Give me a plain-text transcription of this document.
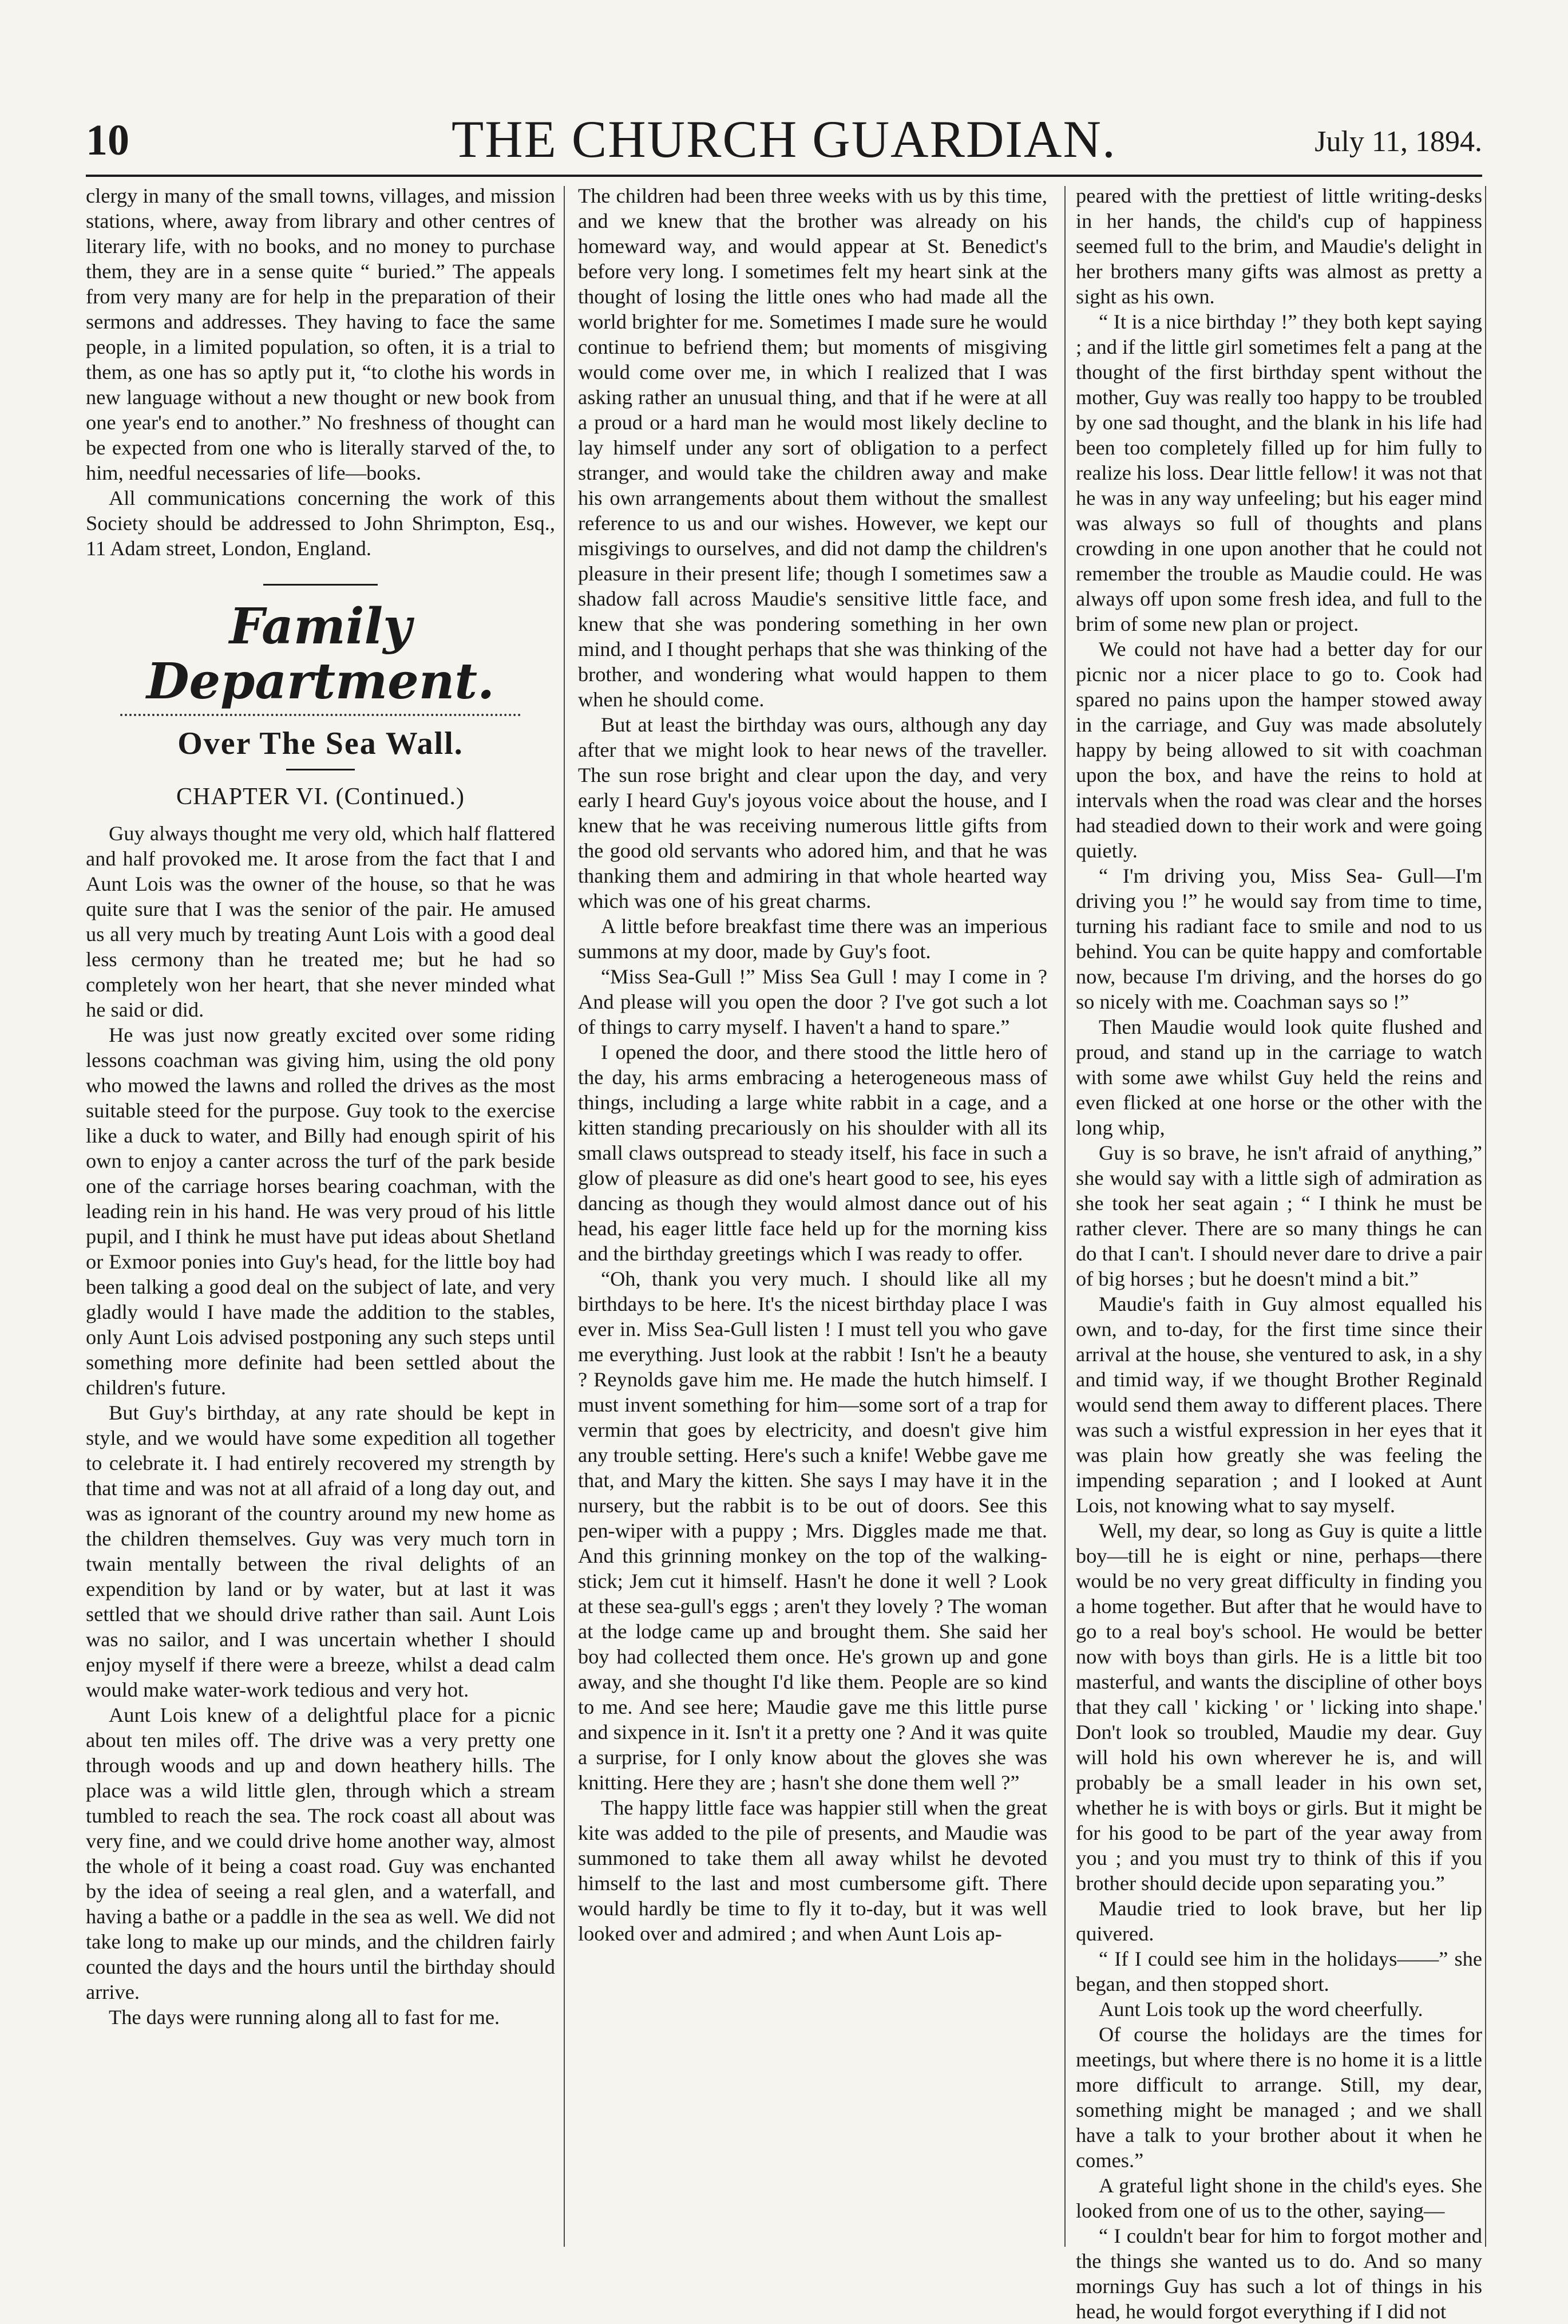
10	THE CHURCH GUARDIAN.	July 11, 1894.

clergy in many of the small towns, villages, and mission stations, where, away from library and other centres of literary life, with no books, and no money to purchase them, they are in a sense quite “ buried.” The appeals from very many are for help in the preparation of their sermons and addresses. They having to face the same people, in a limited population, so often, it is a trial to them, as one has so aptly put it, “to clothe his words in new language without a new thought or new book from one year's end to another.” No freshness of thought can be expected from one who is literally starved of the, to him, needful necessaries of life—books.

All communications concerning the work of this Society should be addressed to John Shrimpton, Esq., 11 Adam street, London, England.

Family Department.
Over The Sea Wall.
CHAPTER VI. (Continued.)

Guy always thought me very old, which half flattered and half provoked me. It arose from the fact that I and Aunt Lois was the owner of the house, so that he was quite sure that I was the senior of the pair. He amused us all very much by treating Aunt Lois with a good deal less cermony than he treated me; but he had so completely won her heart, that she never minded what he said or did.

He was just now greatly excited over some riding lessons coachman was giving him, using the old pony who mowed the lawns and rolled the drives as the most suitable steed for the purpose. Guy took to the exercise like a duck to water, and Billy had enough spirit of his own to enjoy a canter across the turf of the park beside one of the carriage horses bearing coachman, with the leading rein in his hand. He was very proud of his little pupil, and I think he must have put ideas about Shetland or Exmoor ponies into Guy's head, for the little boy had been talking a good deal on the subject of late, and very gladly would I have made the addition to the stables, only Aunt Lois advised postponing any such steps until something more definite had been settled about the children's future.

But Guy's birthday, at any rate should be kept in style, and we would have some expedition all together to celebrate it. I had entirely recovered my strength by that time and was not at all afraid of a long day out, and was as ignorant of the country around my new home as the children themselves. Guy was very much torn in twain mentally between the rival delights of an expendition by land or by water, but at last it was settled that we should drive rather than sail. Aunt Lois was no sailor, and I was uncertain whether I should enjoy myself if there were a breeze, whilst a dead calm would make water-work tedious and very hot.

Aunt Lois knew of a delightful place for a picnic about ten miles off. The drive was a very pretty one through woods and up and down heathery hills. The place was a wild little glen, through which a stream tumbled to reach the sea. The rock coast all about was very fine, and we could drive home another way, almost the whole of it being a coast road. Guy was enchanted by the idea of seeing a real glen, and a waterfall, and having a bathe or a paddle in the sea as well. We did not take long to make up our minds, and the children fairly counted the days and the hours until the birthday should arrive.

The days were running along all to fast for me.

The children had been three weeks with us by this time, and we knew that the brother was already on his homeward way, and would appear at St. Benedict's before very long. I sometimes felt my heart sink at the thought of losing the little ones who had made all the world brighter for me. Sometimes I made sure he would continue to befriend them; but moments of misgiving would come over me, in which I realized that I was asking rather an unusual thing, and that if he were at all a proud or a hard man he would most likely decline to lay himself under any sort of obligation to a perfect stranger, and would take the children away and make his own arrangements about them without the smallest reference to us and our wishes. However, we kept our misgivings to ourselves, and did not damp the children's pleasure in their present life; though I sometimes saw a shadow fall across Maudie's sensitive little face, and knew that she was pondering something in her own mind, and I thought perhaps that she was thinking of the brother, and wondering what would happen to them when he should come.

But at least the birthday was ours, although any day after that we might look to hear news of the traveller. The sun rose bright and clear upon the day, and very early I heard Guy's joyous voice about the house, and I knew that he was receiving numerous little gifts from the good old servants who adored him, and that he was thanking them and admiring in that whole hearted way which was one of his great charms.

A little before breakfast time there was an imperious summons at my door, made by Guy's foot.

“Miss Sea-Gull !” Miss Sea Gull ! may I come in ? And please will you open the door ? I've got such a lot of things to carry myself. I haven't a hand to spare.”

I opened the door, and there stood the little hero of the day, his arms embracing a heterogeneous mass of things, including a large white rabbit in a cage, and a kitten standing precariously on his shoulder with all its small claws outspread to steady itself, his face in such a glow of pleasure as did one's heart good to see, his eyes dancing as though they would almost dance out of his head, his eager little face held up for the morning kiss and the birthday greetings which I was ready to offer.

“Oh, thank you very much. I should like all my birthdays to be here. It's the nicest birthday place I was ever in. Miss Sea-Gull listen ! I must tell you who gave me everything. Just look at the rabbit ! Isn't he a beauty ? Reynolds gave him me. He made the hutch himself. I must invent something for him—some sort of a trap for vermin that goes by electricity, and doesn't give him any trouble setting. Here's such a knife! Webbe gave me that, and Mary the kitten. She says I may have it in the nursery, but the rabbit is to be out of doors. See this pen-wiper with a puppy ; Mrs. Diggles made me that. And this grinning monkey on the top of the walking-stick; Jem cut it himself. Hasn't he done it well ? Look at these sea-gull's eggs ; aren't they lovely ? The woman at the lodge came up and brought them. She said her boy had collected them once. He's grown up and gone away, and she thought I'd like them. People are so kind to me. And see here; Maudie gave me this little purse and sixpence in it. Isn't it a pretty one ? And it was quite a surprise, for I only know about the gloves she was knitting. Here they are ; hasn't she done them well ?”

The happy little face was happier still when the great kite was added to the pile of presents, and Maudie was summoned to take them all away whilst he devoted himself to the last and most cumbersome gift. There would hardly be time to fly it to-day, but it was well looked over and admired ; and when Aunt Lois ap-

peared with the prettiest of little writing-desks in her hands, the child's cup of happiness seemed full to the brim, and Maudie's delight in her brothers many gifts was almost as pretty a sight as his own.

“ It is a nice birthday !” they both kept saying ; and if the little girl sometimes felt a pang at the thought of the first birthday spent without the mother, Guy was really too happy to be troubled by one sad thought, and the blank in his life had been too completely filled up for him fully to realize his loss. Dear little fellow! it was not that he was in any way unfeeling; but his eager mind was always so full of thoughts and plans crowding in one upon another that he could not remember the trouble as Maudie could. He was always off upon some fresh idea, and full to the brim of some new plan or project.

We could not have had a better day for our picnic nor a nicer place to go to. Cook had spared no pains upon the hamper stowed away in the carriage, and Guy was made absolutely happy by being allowed to sit with coachman upon the box, and have the reins to hold at intervals when the road was clear and the horses had steadied down to their work and were going quietly.

“ I'm driving you, Miss Sea- Gull—I'm driving you !” he would say from time to time, turning his radiant face to smile and nod to us behind. You can be quite happy and comfortable now, because I'm driving, and the horses do go so nicely with me. Coachman says so !”

Then Maudie would look quite flushed and proud, and stand up in the carriage to watch with some awe whilst Guy held the reins and even flicked at one horse or the other with the long whip,

Guy is so brave, he isn't afraid of anything,” she would say with a little sigh of admiration as she took her seat again ; “ I think he must be rather clever. There are so many things he can do that I can't. I should never dare to drive a pair of big horses ; but he doesn't mind a bit.”

Maudie's faith in Guy almost equalled his own, and to-day, for the first time since their arrival at the house, she ventured to ask, in a shy and timid way, if we thought Brother Reginald would send them away to different places. There was such a wistful expression in her eyes that it was plain how greatly she was feeling the impending separation ; and I looked at Aunt Lois, not knowing what to say myself.

Well, my dear, so long as Guy is quite a little boy—till he is eight or nine, perhaps—there would be no very great difficulty in finding you a home together. But after that he would have to go to a real boy's school. He would be better now with boys than girls. He is a little bit too masterful, and wants the discipline of other boys that they call ' kicking ' or ' licking into shape.' Don't look so troubled, Maudie my dear. Guy will hold his own wherever he is, and will probably be a small leader in his own set, whether he is with boys or girls. But it might be for his good to be part of the year away from you ; and you must try to think of this if you brother should decide upon separating you.”

Maudie tried to look brave, but her lip quivered.

“ If I could see him in the holidays——” she began, and then stopped short.

Aunt Lois took up the word cheerfully.

Of course the holidays are the times for meetings, but where there is no home it is a little more difficult to arrange. Still, my dear, something might be managed ; and we shall have a talk to your brother about it when he comes.”

A grateful light shone in the child's eyes. She looked from one of us to the other, saying—

“ I couldn't bear for him to forgot mother and the things she wanted us to do. And so many mornings Guy has such a lot of things in his head, he would forgot everything if I did not
